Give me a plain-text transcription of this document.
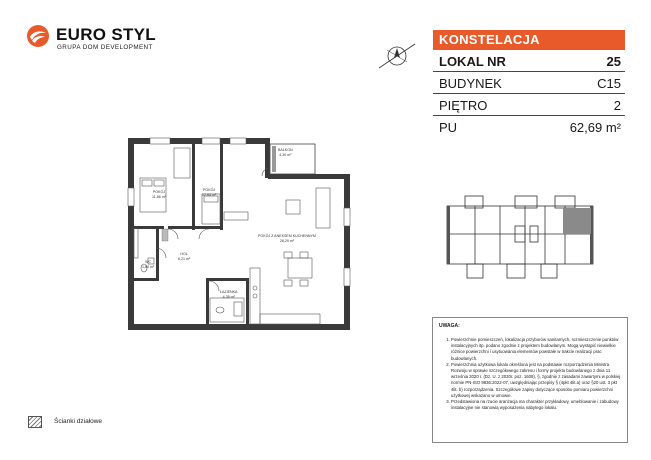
EURO STYL
GRUPA DOM DEVELOPMENT
KONSTELACJA
LOKAL NR	25
BUDYNEK	C15
PIĘTRO	2
PU	62,69 m²
BALKON
4,30 m²
POKÓJ
11,86 m²
POKÓJ
12,84 m²
POKÓJ Z ANEKSEM KUCHENNYM
26,29 m²
WC
1,80 m²
HOL
6,21 m²
ŁAZIENKA
4,38 m²
UWAGA:
1. Powierzchnie pomieszczeń, lokalizacja przyborów sanitarnych, rozmieszczenie punktów instalacyjnych itp. podano zgodnie z projektem budowlanym. Mogą wystąpić niewielkie różnice powierzchni i usytuowania elementów powstałe w trakcie realizacji prac budowlanych.
2. Powierzchnia użytkowa lokalu określona jest na podstawie rozporządzenia Ministra Rozwoju w sprawie szczegółowego zakresu i formy projektu budowlanego z dnia 11 września 2020 r. (Dz. U. z 2020r. poz. 1609), §, zgodnie z zasadami zawartymi w polskiej normie PN-ISO 9836:2022-07, uwzględniając przepisy § (4pkt 4lit.a) oraz §20 ust. 3 pkt 4lit. b) rozporządzenia. Szczegółowe zapisy dotyczące sposobu pomiaru powierzchni użytkowej wskazano w umowie.
3. Przedstawiona na rzucie aranżacja ma charakter przykładowy, umeblowanie i zabudowy instalacyjne nie stanowią wyposażenia nabytego lokalu.
Ścianki działowe
